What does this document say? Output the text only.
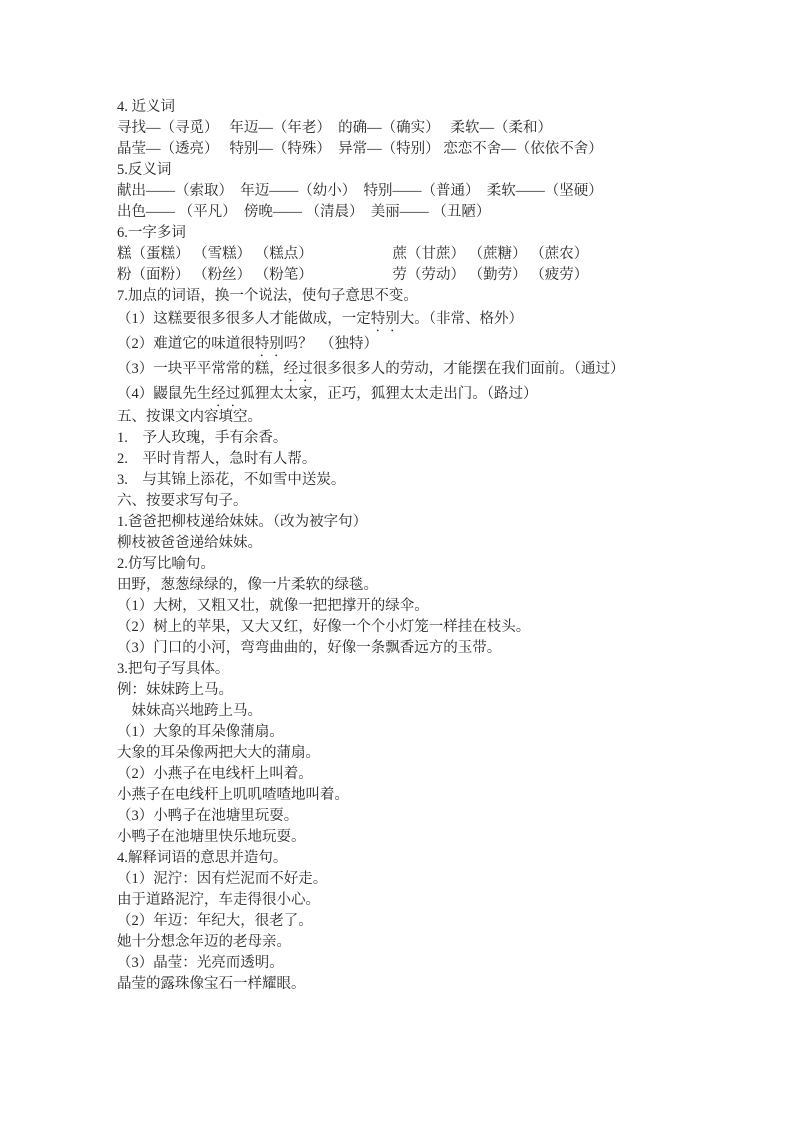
4. 近义词
寻找—（寻觅）　 年迈—（年老）　的确—（确实）　 柔软—（柔和）
晶莹—（透亮）　 特别—（特殊）  异常—（特别） 恋恋不舍—（依依不舍）
5.反义词
献出——（索取）　年迈——（幼小）　特别——（普通）　柔软——（坚硬）
出色—— （平凡）　傍晚—— （清晨）　美丽—— （丑陋）
6.一字多词
糕（蛋糕） （雪糕） （糕点）　　　　　　蔗（甘蔗） （蔗糖） （蔗农）
粉（面粉） （粉丝） （粉笔）　　　　　　劳（劳动） （勤劳） （疲劳）
7.加点的词语，换一个说法，使句子意思不变。
（1）这糕要很多很多人才能做成，一定特别大。（非常、格外）
（2）难道它的味道很特别吗？　（独特）
（3）一块平平常常的糕，经过很多很多人的劳动，才能摆在我们面前。（通过）
（4）鼹鼠先生经过狐狸太太家，正巧，狐狸太太走出门。（路过）
五、按课文内容填空。
1.　予人玫瑰，手有余香。
2.　平时肯帮人，急时有人帮。
3.　与其锦上添花，不如雪中送炭。
六、按要求写句子。
1.爸爸把柳枝递给妹妹。（改为被字句）
柳枝被爸爸递给妹妹。
2.仿写比喻句。
田野，葱葱绿绿的，像一片柔软的绿毯。
（1）大树，又粗又壮，就像一把把撑开的绿伞。
（2）树上的苹果，又大又红，好像一个个小灯笼一样挂在枝头。
（3）门口的小河，弯弯曲曲的，好像一条飘香远方的玉带。
3.把句子写具体。
例：妹妹跨上马。
　妹妹高兴地跨上马。
（1）大象的耳朵像蒲扇。
大象的耳朵像两把大大的蒲扇。
（2）小燕子在电线杆上叫着。
小燕子在电线杆上叽叽喳喳地叫着。
（3）小鸭子在池塘里玩耍。
小鸭子在池塘里快乐地玩耍。
4.解释词语的意思并造句。
（1）泥泞：因有烂泥而不好走。
由于道路泥泞，车走得很小心。
（2）年迈：年纪大，很老了。
她十分想念年迈的老母亲。
（3）晶莹：光亮而透明。
晶莹的露珠像宝石一样耀眼。
